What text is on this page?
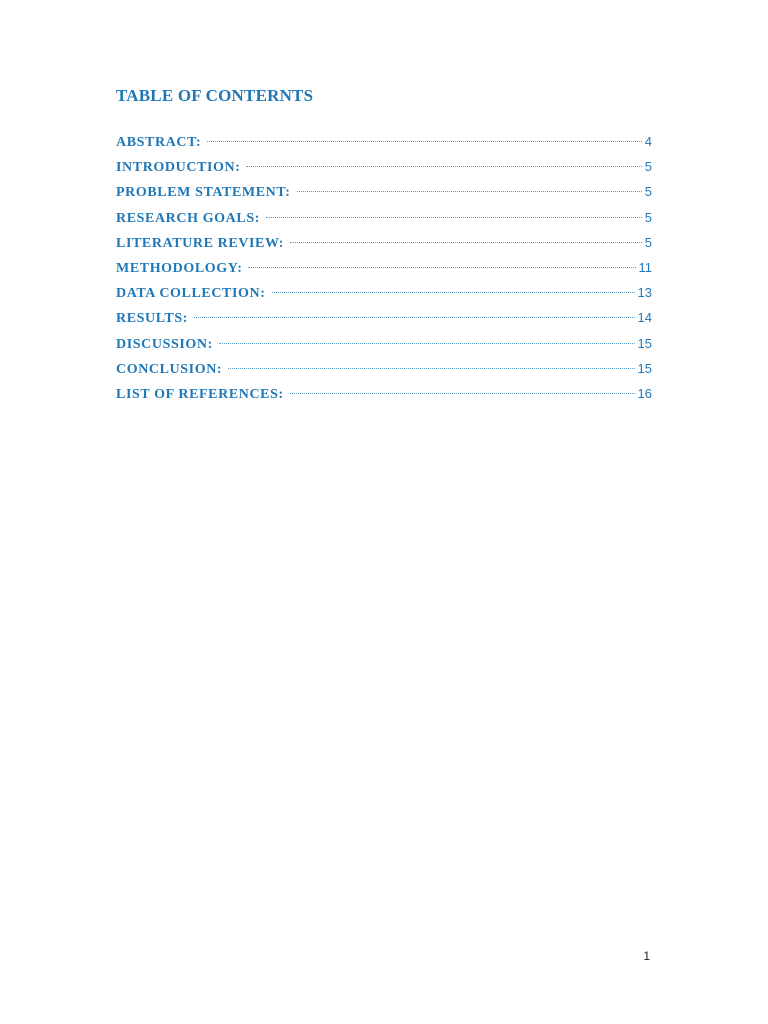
TABLE OF CONTERNTS
ABSTRACT:	4
INTRODUCTION:	5
PROBLEM STATEMENT:	5
RESEARCH GOALS:	5
LITERATURE REVIEW:	5
METHODOLOGY:	11
DATA COLLECTION:	13
RESULTS:	14
DISCUSSION:	15
CONCLUSION:	15
LIST OF REFERENCES:	16
1
